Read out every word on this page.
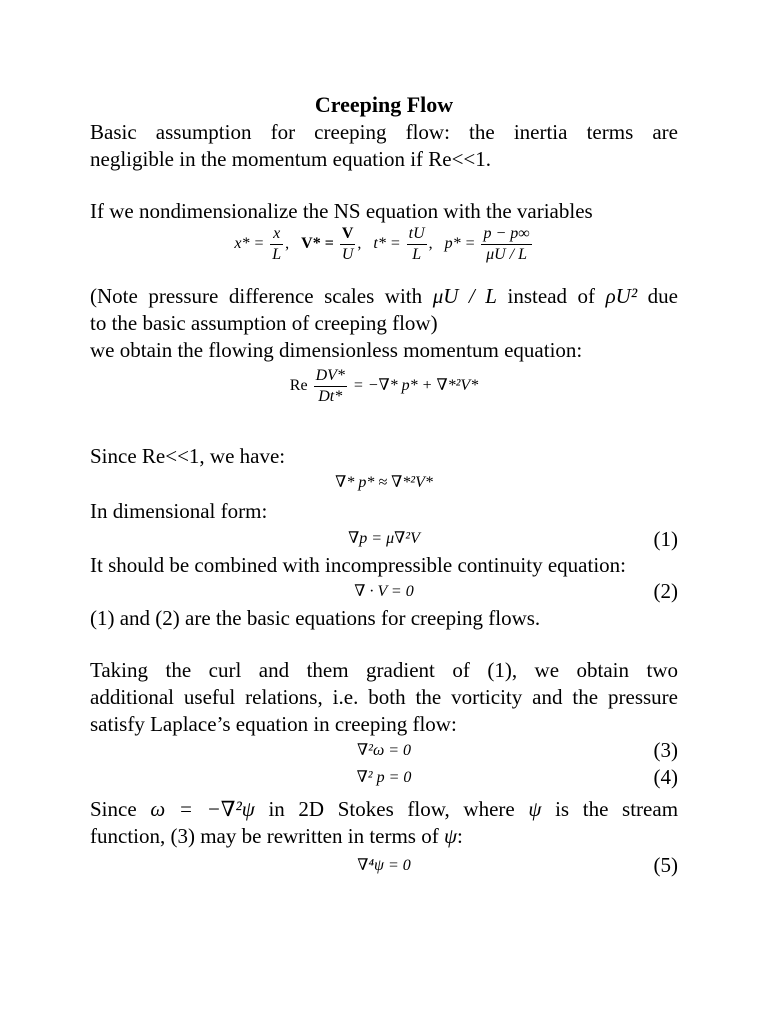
Creeping Flow
Basic assumption for creeping flow: the inertia terms are
negligible in the momentum equation if Re<<1.
If we nondimensionalize the NS equation with the variables
$x* = \frac{x}{L}$ ,   $V* = \frac{V}{U}$ ,   $t* = \frac{tU}{L}$ ,   $p* = \frac{p - p\infty}{\mu U / L}$
(Note pressure difference scales with μU / L instead of ρU² due
to the basic assumption of creeping flow)
we obtain the flowing dimensionless momentum equation:
Re $\frac{DV*}{Dt*}$ = −∇* p* + ∇*²V*
Since Re<<1, we have:
∇* p* ≈ ∇*²V*
In dimensional form:
∇p = μ∇²V	(1)
It should be combined with incompressible continuity equation:
∇ · V = 0	(2)
(1) and (2) are the basic equations for creeping flows.
Taking the curl and them gradient of (1), we obtain two
additional useful relations, i.e. both the vorticity and the pressure
satisfy Laplace’s equation in creeping flow:
∇²ω = 0	(3)
∇² p = 0	(4)
Since ω = −∇²ψ in 2D Stokes flow, where ψ is the stream
function, (3) may be rewritten in terms of ψ:
∇⁴ψ = 0	(5)
